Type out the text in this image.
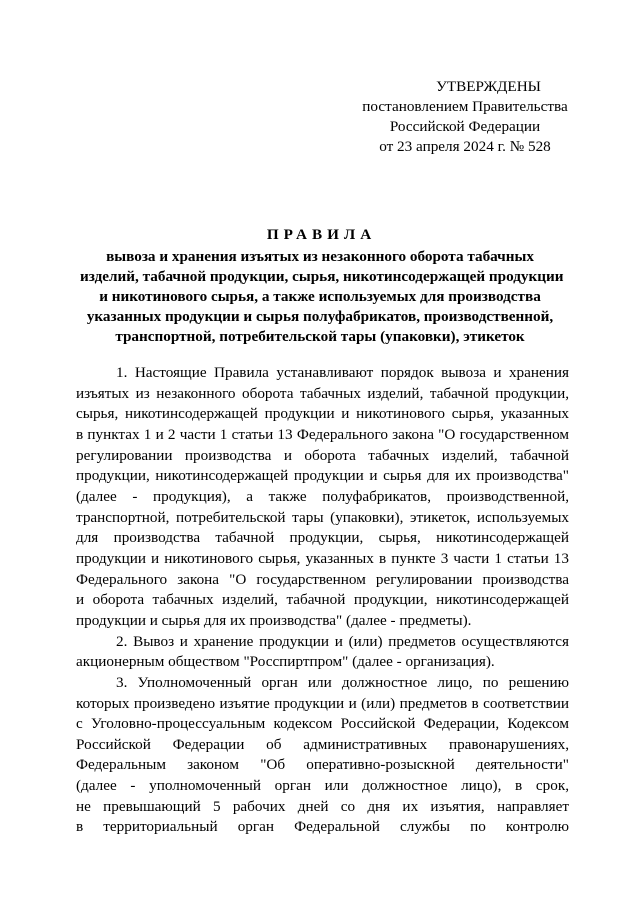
УТВЕРЖДЕНЫ
постановлением Правительства
Российской Федерации
от 23 апреля 2024 г. № 528
ПРАВИЛА
вывоза и хранения изъятых из незаконного оборота табачных
изделий, табачной продукции, сырья, никотинсодержащей продукции
и никотинового сырья, а также используемых для производства
указанных продукции и сырья полуфабрикатов, производственной,
транспортной, потребительской тары (упаковки), этикеток
1. Настоящие Правила устанавливают порядок вывоза и хранения
изъятых из незаконного оборота табачных изделий, табачной продукции,
сырья, никотинсодержащей продукции и никотинового сырья, указанных
в пунктах 1 и 2 части 1 статьи 13 Федерального закона "О государственном
регулировании производства и оборота табачных изделий, табачной
продукции, никотинсодержащей продукции и сырья для их производства"
(далее - продукция), а также полуфабрикатов, производственной,
транспортной, потребительской тары (упаковки), этикеток, используемых
для производства табачной продукции, сырья, никотинсодержащей
продукции и никотинового сырья, указанных в пункте 3 части 1 статьи 13
Федерального закона "О государственном регулировании производства
и оборота табачных изделий, табачной продукции, никотинсодержащей
продукции и сырья для их производства" (далее - предметы).
2. Вывоз и хранение продукции и (или) предметов осуществляются
акционерным обществом "Росспиртпром" (далее - организация).
3. Уполномоченный орган или должностное лицо, по решению
которых произведено изъятие продукции и (или) предметов в соответствии
с Уголовно-процессуальным кодексом Российской Федерации, Кодексом
Российской Федерации об административных правонарушениях,
Федеральным законом "Об оперативно-розыскной деятельности"
(далее - уполномоченный орган или должностное лицо), в срок,
не превышающий 5 рабочих дней со дня их изъятия, направляет
в территориальный орган Федеральной службы по контролю
